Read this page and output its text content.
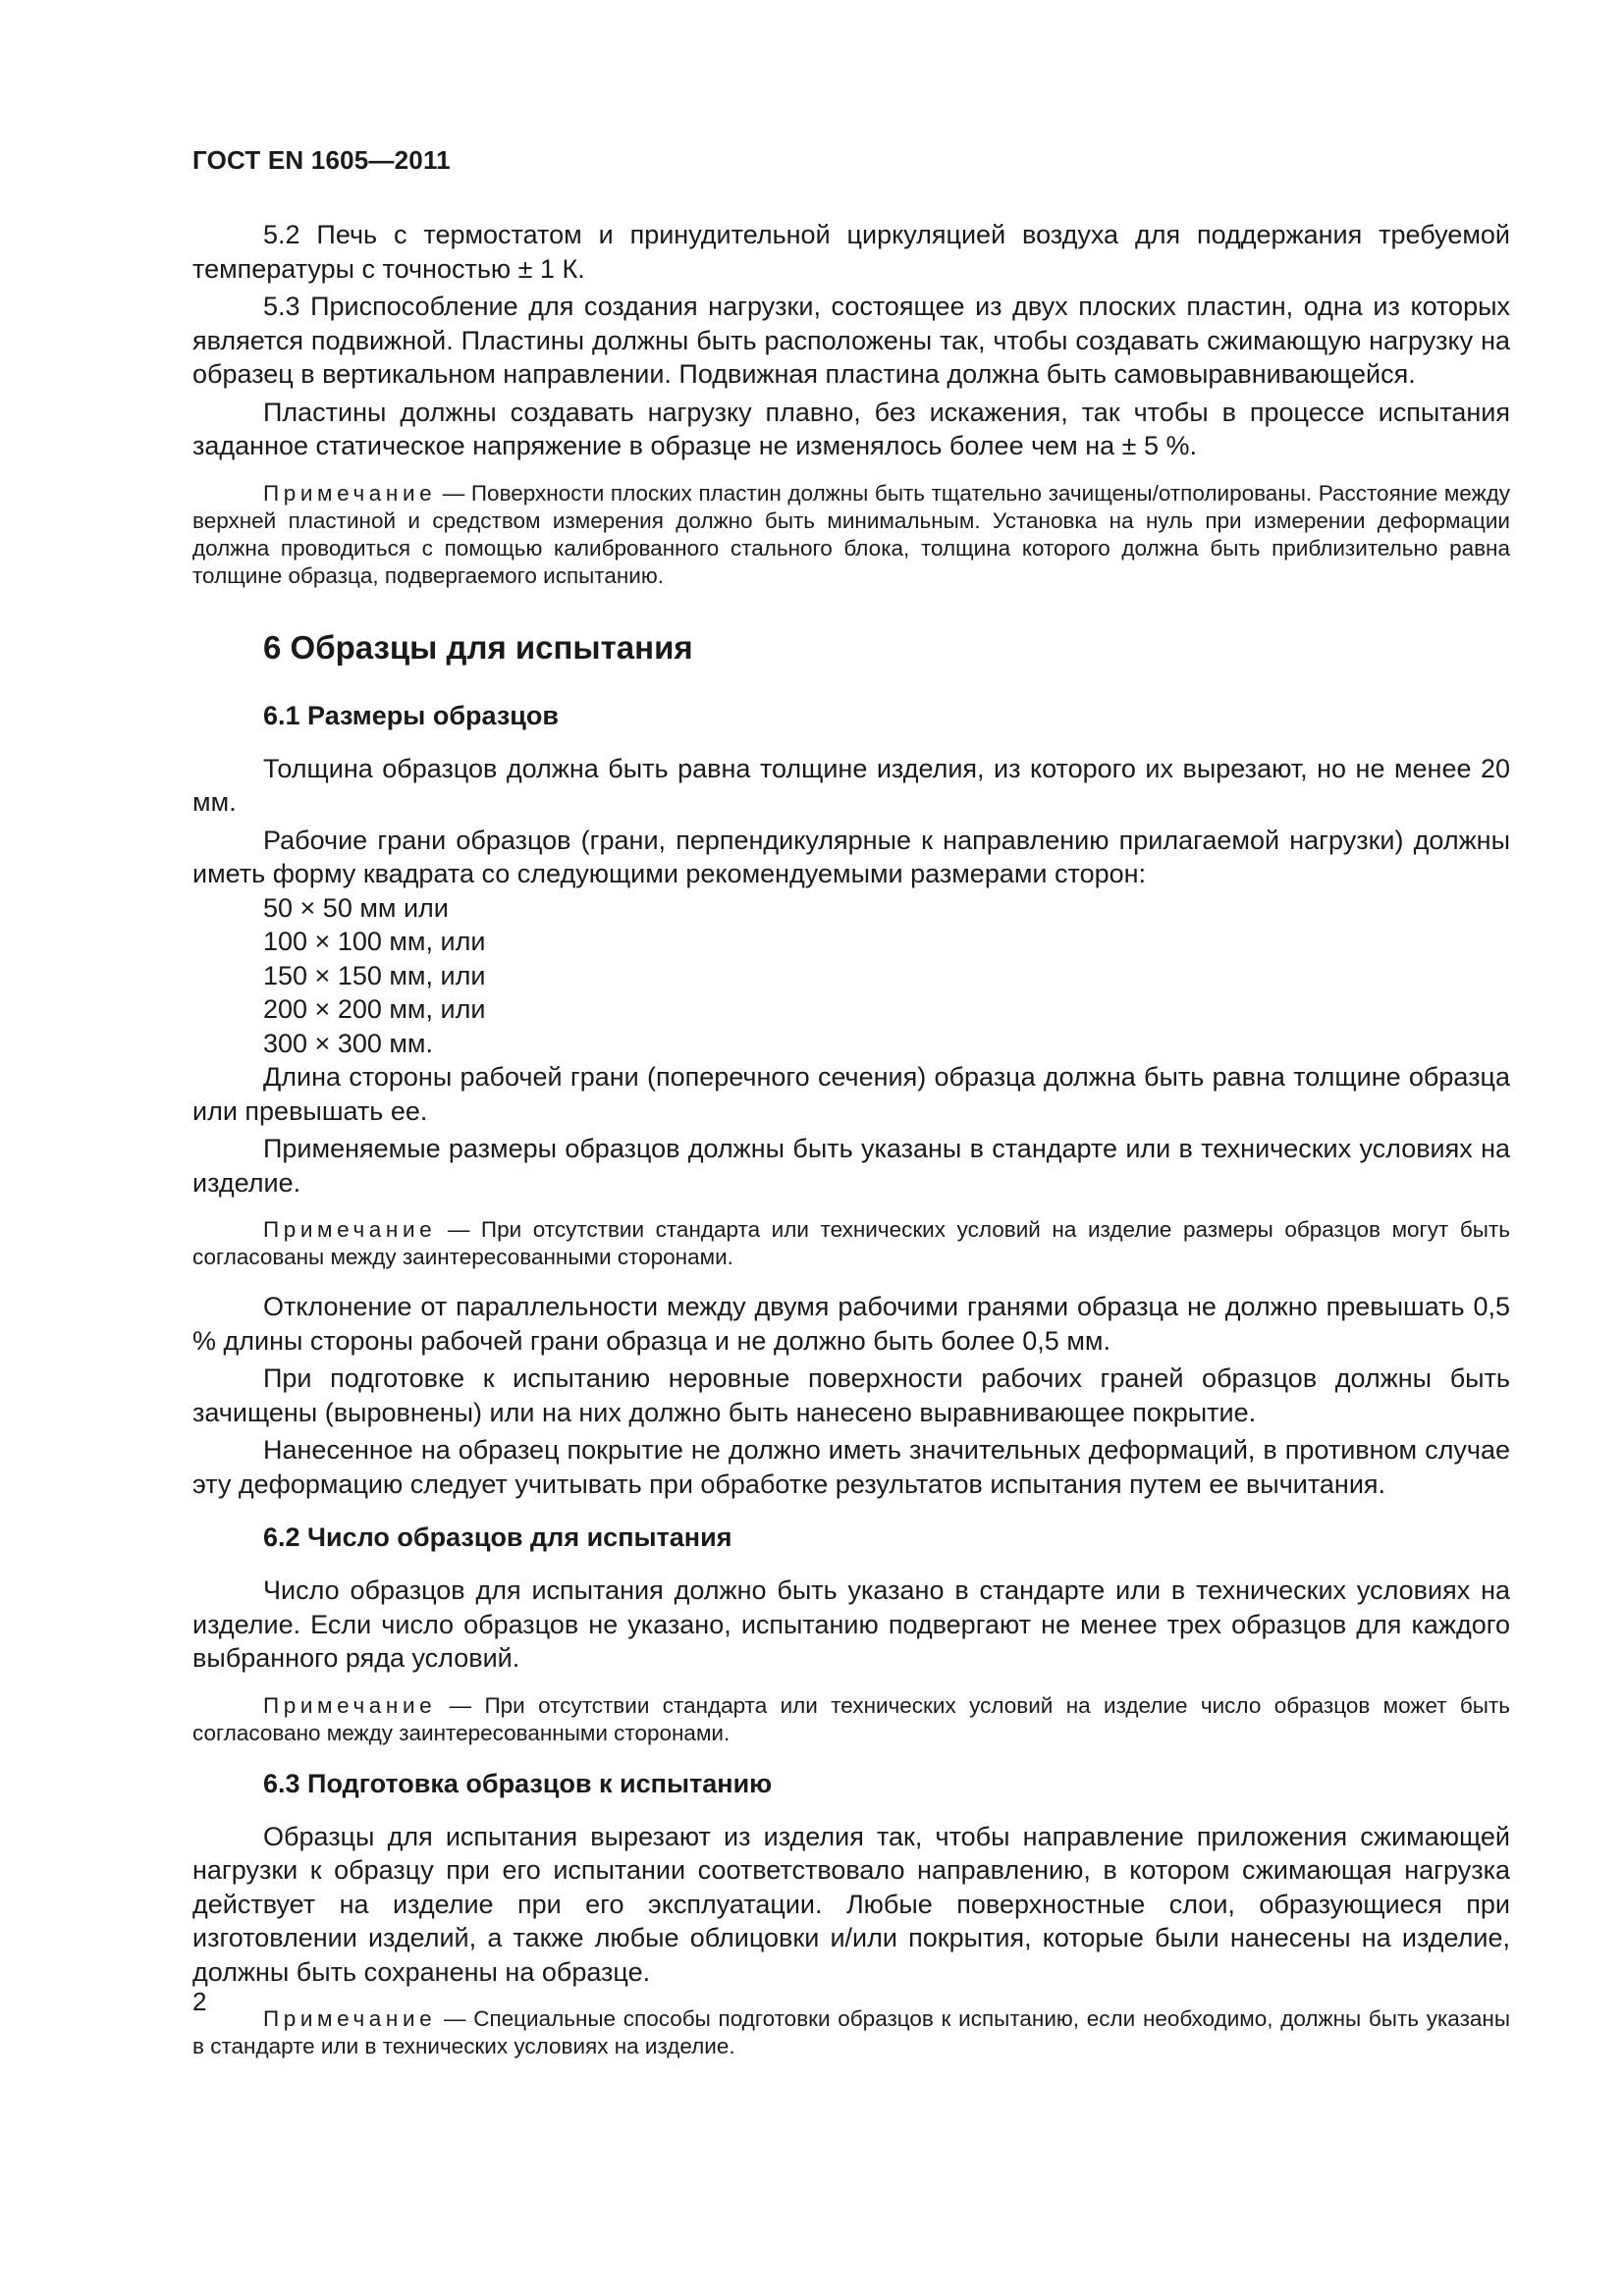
ГОСТ EN 1605—2011

5.2 Печь с термостатом и принудительной циркуляцией воздуха для поддержания требуемой температуры с точностью ± 1 К.

5.3 Приспособление для создания нагрузки, состоящее из двух плоских пластин, одна из которых является подвижной. Пластины должны быть расположены так, чтобы создавать сжимающую нагрузку на образец в вертикальном направлении. Подвижная пластина должна быть самовыравнивающейся.

Пластины должны создавать нагрузку плавно, без искажения, так чтобы в процессе испытания заданное статическое напряжение в образце не изменялось более чем на ± 5 %.

Примечание — Поверхности плоских пластин должны быть тщательно зачищены/отполированы. Расстояние между верхней пластиной и средством измерения должно быть минимальным. Установка на нуль при измерении деформации должна проводиться с помощью калиброванного стального блока, толщина которого должна быть приблизительно равна толщине образца, подвергаемого испытанию.

6 Образцы для испытания
6.1 Размеры образцов

Толщина образцов должна быть равна толщине изделия, из которого их вырезают, но не менее 20 мм.

Рабочие грани образцов (грани, перпендикулярные к направлению прилагаемой нагрузки) должны иметь форму квадрата со следующими рекомендуемыми размерами сторон:

50 × 50 мм или

100 × 100 мм, или

150 × 150 мм, или

200 × 200 мм, или

300 × 300 мм.

Длина стороны рабочей грани (поперечного сечения) образца должна быть равна толщине образца или превышать ее.

Применяемые размеры образцов должны быть указаны в стандарте или в технических условиях на изделие.

Примечание — При отсутствии стандарта или технических условий на изделие размеры образцов могут быть согласованы между заинтересованными сторонами.

Отклонение от параллельности между двумя рабочими гранями образца не должно превышать 0,5 % длины стороны рабочей грани образца и не должно быть более 0,5 мм.

При подготовке к испытанию неровные поверхности рабочих граней образцов должны быть зачищены (выровнены) или на них должно быть нанесено выравнивающее покрытие.

Нанесенное на образец покрытие не должно иметь значительных деформаций, в противном случае эту деформацию следует учитывать при обработке результатов испытания путем ее вычитания.

6.2 Число образцов для испытания

Число образцов для испытания должно быть указано в стандарте или в технических условиях на изделие. Если число образцов не указано, испытанию подвергают не менее трех образцов для каждого выбранного ряда условий.

Примечание — При отсутствии стандарта или технических условий на изделие число образцов может быть согласовано между заинтересованными сторонами.

6.3 Подготовка образцов к испытанию

Образцы для испытания вырезают из изделия так, чтобы направление приложения сжимающей нагрузки к образцу при его испытании соответствовало направлению, в котором сжимающая нагрузка действует на изделие при его эксплуатации. Любые поверхностные слои, образующиеся при изготовлении изделий, а также любые облицовки и/или покрытия, которые были нанесены на изделие, должны быть сохранены на образце.

Примечание — Специальные способы подготовки образцов к испытанию, если необходимо, должны быть указаны в стандарте или в технических условиях на изделие.

2
